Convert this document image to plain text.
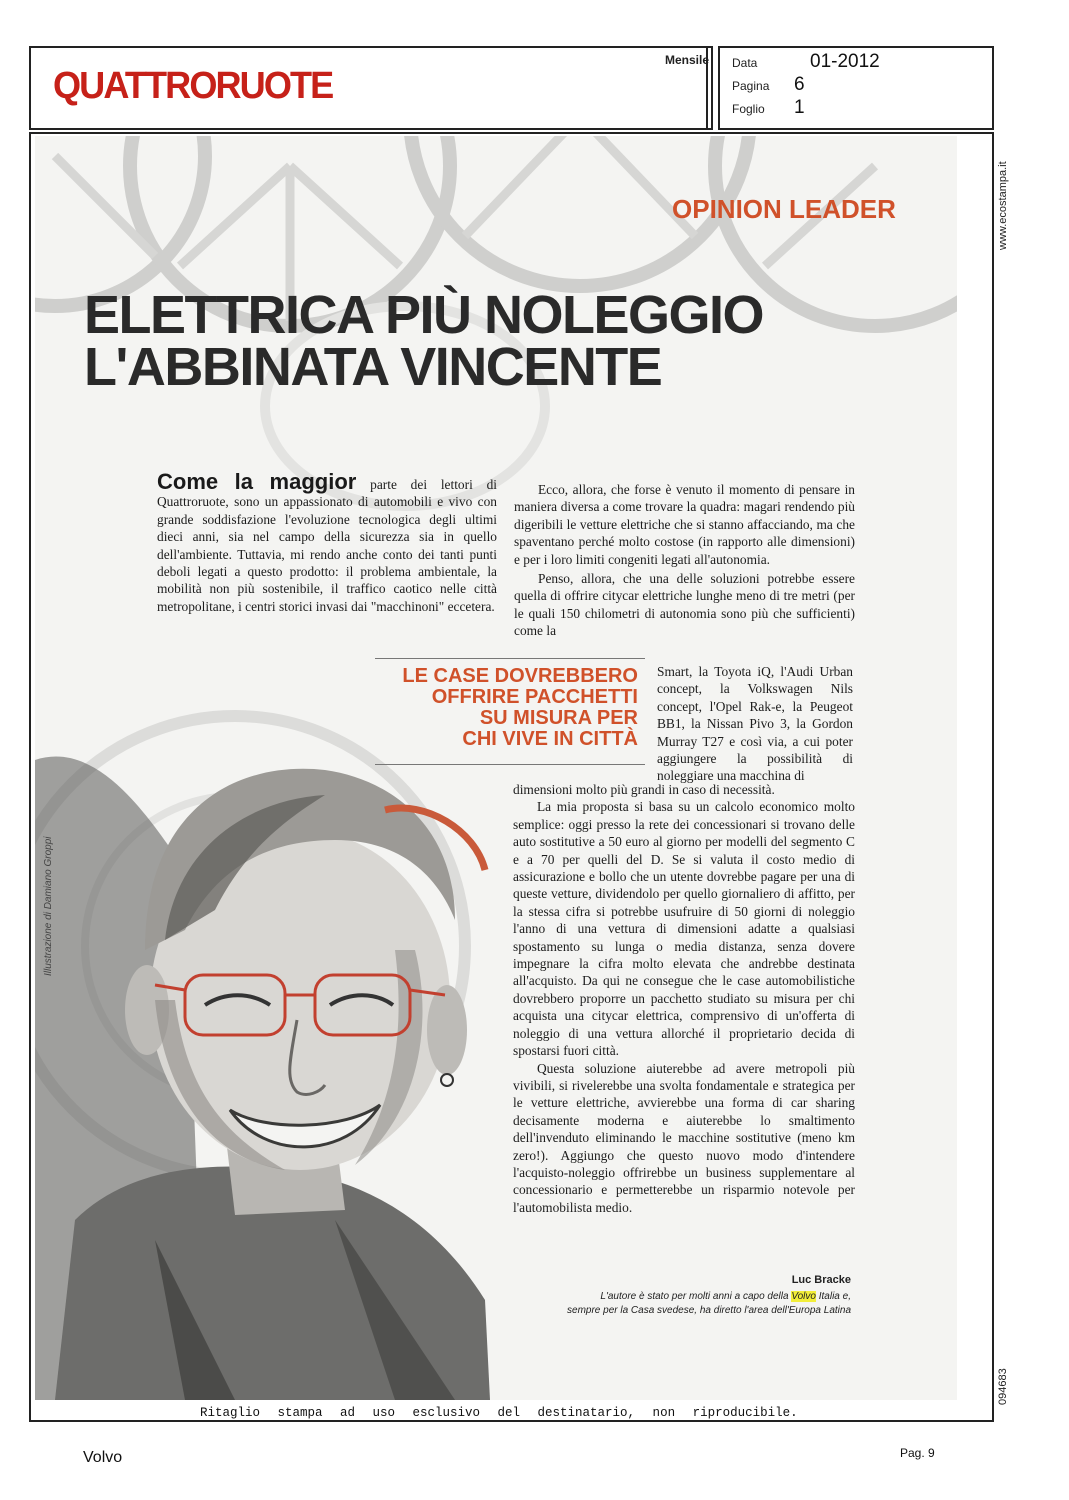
QUATTRORUOTE
Mensile Data	01-2012
Pagina 6
Foglio 1
www.ecostampa.it
094683
OPINION LEADER
ELETTRICA PIÙ NOLEGGIO
L'ABBINATA VINCENTE

Come la maggior parte dei lettori di Quattroruote, sono un appassionato di automobili e vivo con grande soddisfazione l'evoluzione tecnologica degli ultimi dieci anni, sia nel campo della sicurezza sia in quello dell'ambiente. Tuttavia, mi rendo anche conto dei tanti punti deboli legati a questo prodotto: il problema ambientale, la mobilità non più sostenibile, il traffico caotico nelle città metropolitane, i centri storici invasi dai "macchinoni" eccetera.

Ecco, allora, che forse è venuto il momento di pensare in maniera diversa a come trovare la quadra: magari rendendo più digeribili le vetture elettriche che si stanno affacciando, ma che spaventano perché molto costose (in rapporto alle dimensioni) e per i loro limiti congeniti legati all'autonomia.

Penso, allora, che una delle soluzioni potrebbe essere quella di offrire citycar elettriche lunghe meno di tre metri (per le quali 150 chilometri di autonomia sono più che sufficienti) come la

Smart, la Toyota iQ, l'Audi Urban concept, la Volkswagen Nils concept, l'Opel Rak-e, la Peugeot BB1, la Nissan Pivo 3, la Gordon Murray T27 e così via, a cui poter aggiungere la possibilità di noleggiare una macchina di

LE CASE DOVREBBERO
OFFRIRE PACCHETTI
SU MISURA PER
CHI VIVE IN CITTÀ

dimensioni molto più grandi in caso di necessità.

La mia proposta si basa su un calcolo economico molto semplice: oggi presso la rete dei concessionari si trovano delle auto sostitutive a 50 euro al giorno per modelli del segmento C e a 70 per quelli del D. Se si valuta il costo medio di assicurazione e bollo che un utente dovrebbe pagare per una di queste vetture, dividendolo per quello giornaliero di affitto, per la stessa cifra si potrebbe usufruire di 50 giorni di noleggio l'anno di una vettura di dimensioni adatte a qualsiasi spostamento su lunga o media distanza, senza dovere impegnare la cifra molto elevata che andrebbe destinata all'acquisto. Da qui ne consegue che le case automobilistiche dovrebbero proporre un pacchetto studiato su misura per chi acquista una citycar elettrica, comprensivo di un'offerta di noleggio di una vettura allorché il proprietario decida di spostarsi fuori città.

Questa soluzione aiuterebbe ad avere metropoli più vivibili, si rivelerebbe una svolta fondamentale e strategica per le vetture elettriche, avvierebbe una forma di car sharing decisamente moderna e aiuterebbe lo smaltimento dell'invenduto eliminando le macchine sostitutive (meno km zero!). Aggiungo che questo nuovo modo d'intendere l'acquisto-noleggio offrirebbe un business supplementare al concessionario e permetterebbe un risparmio notevole per l'automobilista medio.

Luc Bracke
L'autore è stato per molti anni a capo della Volvo Italia e,
sempre per la Casa svedese, ha diretto l'area dell'Europa Latina
Illustrazione di Damiano Groppi
Ritaglio stampa ad uso esclusivo del destinatario, non riproducibile.
Volvo	Pag. 9
